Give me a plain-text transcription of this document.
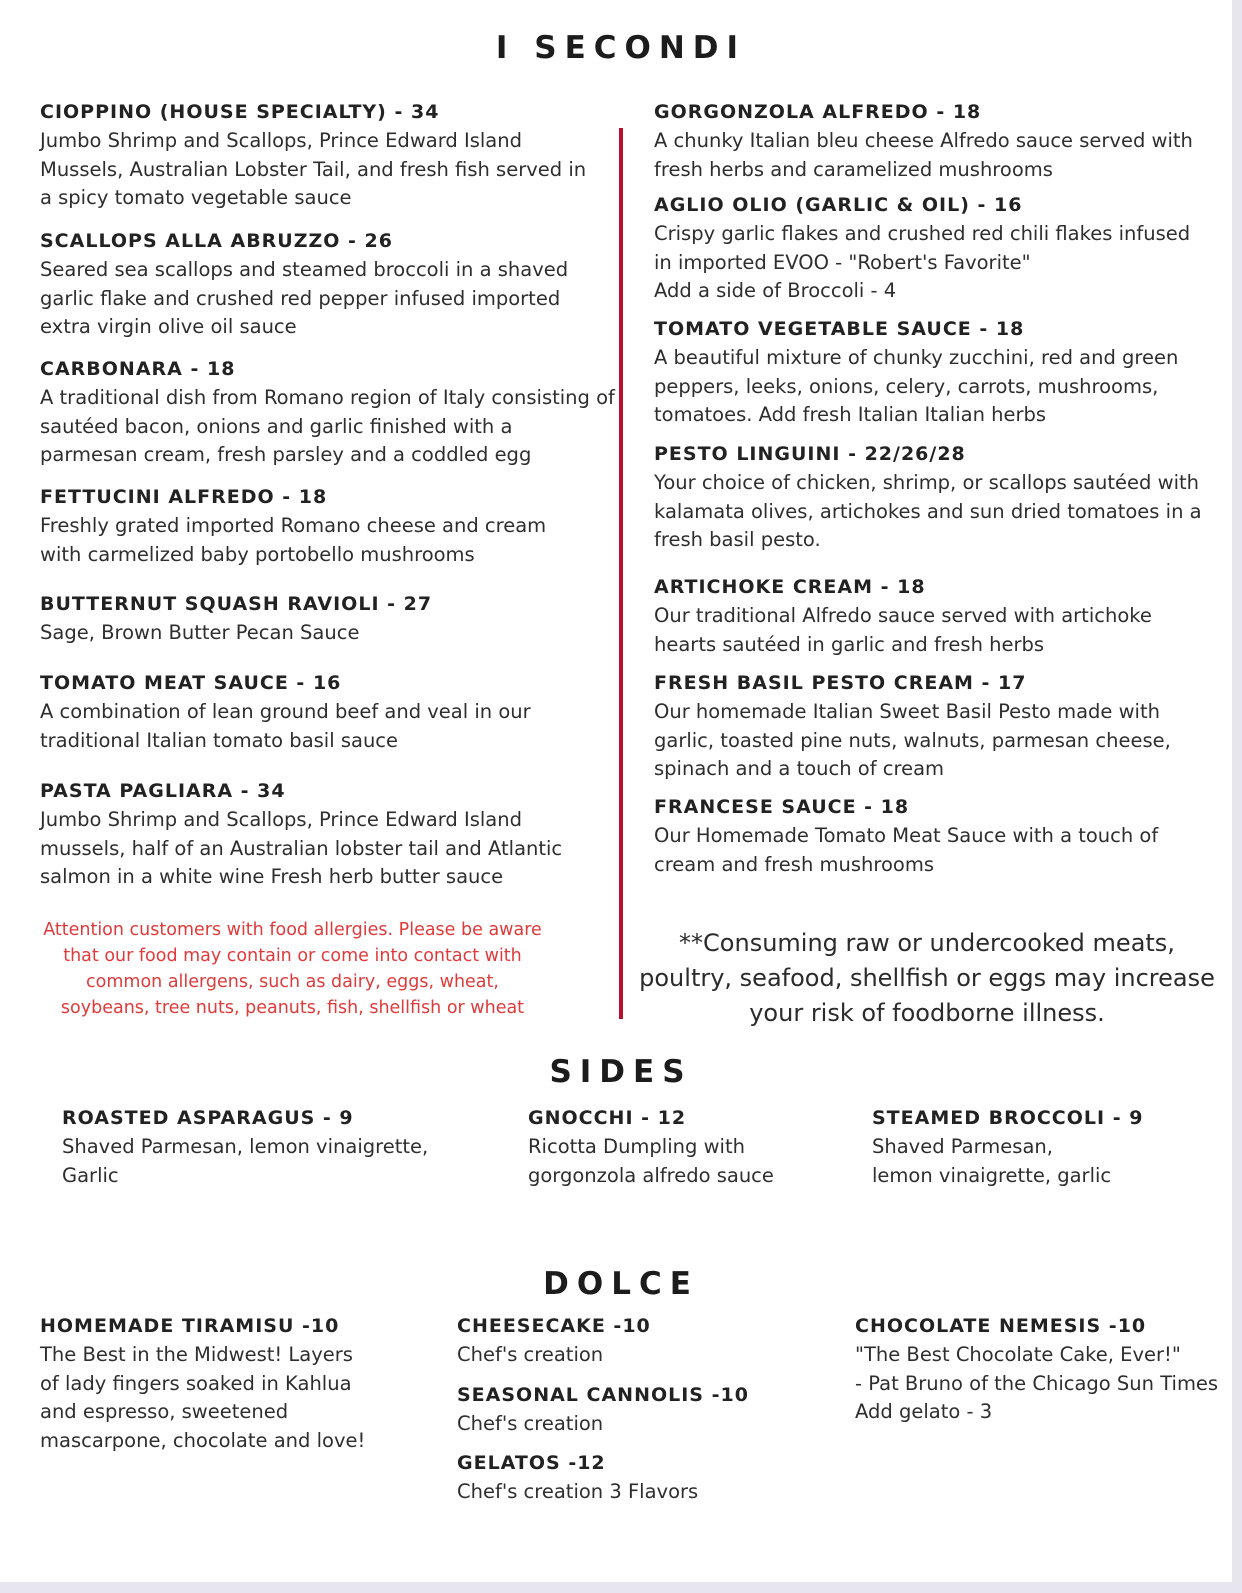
I SECONDI
CIOPPINO (HOUSE SPECIALTY) - 34
Jumbo Shrimp and Scallops, Prince Edward Island Mussels, Australian Lobster Tail, and fresh fish served in a spicy tomato vegetable sauce
SCALLOPS ALLA ABRUZZO - 26
Seared sea scallops and steamed broccoli in a shaved garlic flake and crushed red pepper infused imported extra virgin olive oil sauce
CARBONARA - 18
A traditional dish from Romano region of Italy consisting of sautéed bacon, onions and garlic finished with a parmesan cream, fresh parsley and a coddled egg
FETTUCINI ALFREDO - 18
Freshly grated imported Romano cheese and cream with carmelized baby portobello mushrooms
BUTTERNUT SQUASH RAVIOLI - 27
Sage, Brown Butter Pecan Sauce
TOMATO MEAT SAUCE - 16
A combination of lean ground beef and veal in our traditional Italian tomato basil sauce
PASTA PAGLIARA - 34
Jumbo Shrimp and Scallops, Prince Edward Island mussels, half of an Australian lobster tail and Atlantic salmon in a white wine Fresh herb butter sauce
Attention customers with food allergies. Please be aware that our food may contain or come into contact with common allergens, such as dairy, eggs, wheat, soybeans, tree nuts, peanuts, fish, shellfish or wheat
GORGONZOLA ALFREDO - 18
A chunky Italian bleu cheese Alfredo sauce served with fresh herbs and caramelized mushrooms
AGLIO OLIO (GARLIC & OIL) - 16
Crispy garlic flakes and crushed red chili flakes infused in imported EVOO - "Robert's Favorite"
Add a side of Broccoli - 4
TOMATO VEGETABLE SAUCE - 18
A beautiful mixture of chunky zucchini, red and green peppers, leeks, onions, celery, carrots, mushrooms, tomatoes. Add fresh Italian Italian herbs
PESTO LINGUINI - 22/26/28
Your choice of chicken, shrimp, or scallops sautéed with kalamata olives, artichokes and sun dried tomatoes in a fresh basil pesto.
ARTICHOKE CREAM - 18
Our traditional Alfredo sauce served with artichoke hearts sautéed in garlic and fresh herbs
FRESH BASIL PESTO CREAM - 17
Our homemade Italian Sweet Basil Pesto made with garlic, toasted pine nuts, walnuts, parmesan cheese, spinach and a touch of cream
FRANCESE SAUCE - 18
Our Homemade Tomato Meat Sauce with a touch of cream and fresh mushrooms
**Consuming raw or undercooked meats, poultry, seafood, shellfish or eggs may increase your risk of foodborne illness.
SIDES
ROASTED ASPARAGUS - 9
Shaved Parmesan, lemon vinaigrette, Garlic
GNOCCHI - 12
Ricotta Dumpling with gorgonzola alfredo sauce
STEAMED BROCCOLI - 9
Shaved Parmesan,
lemon vinaigrette, garlic
DOLCE
HOMEMADE TIRAMISU -10
The Best in the Midwest! Layers of lady fingers soaked in Kahlua and espresso, sweetened mascarpone, chocolate and love!
CHEESECAKE -10
Chef's creation
SEASONAL CANNOLIS -10
Chef's creation
GELATOS -12
Chef's creation 3 Flavors
CHOCOLATE NEMESIS -10
"The Best Chocolate Cake, Ever!"
- Pat Bruno of the Chicago Sun Times
Add gelato - 3
